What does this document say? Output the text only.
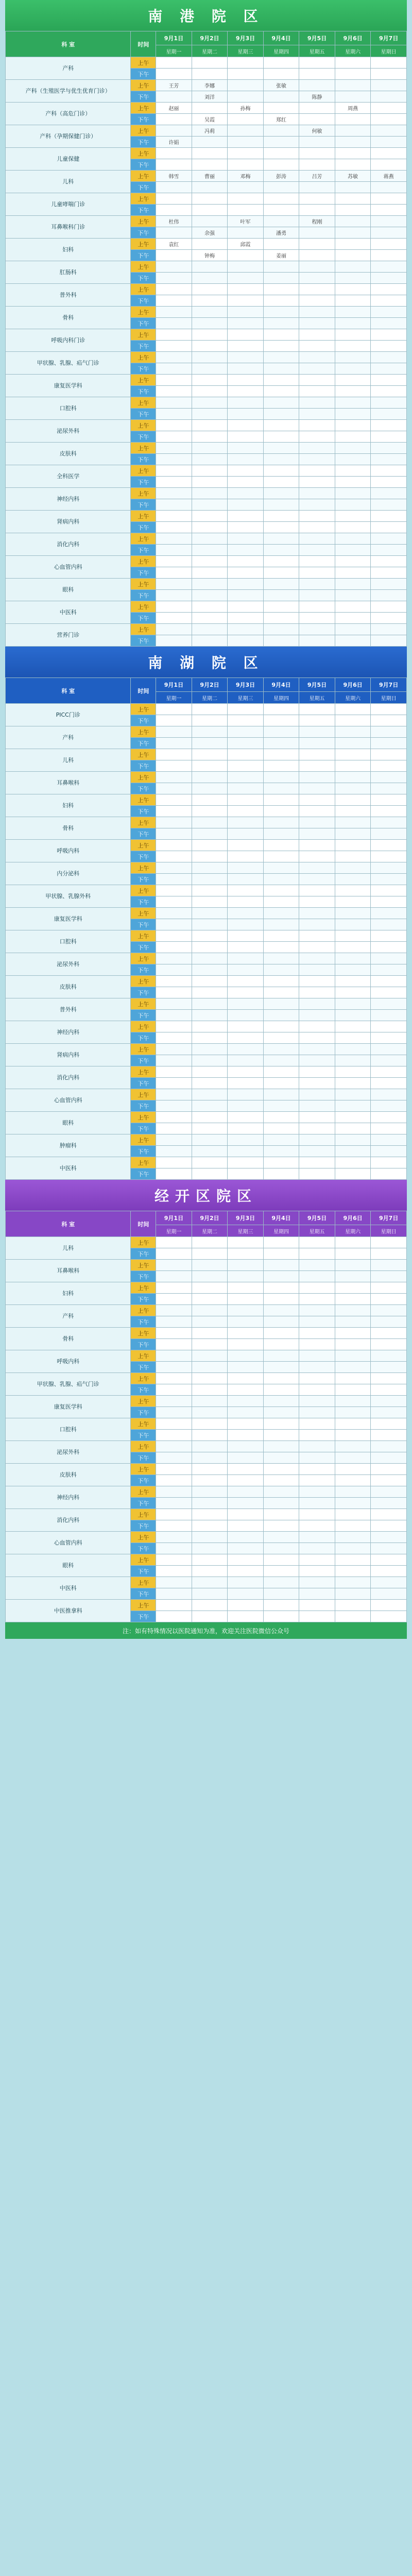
南 港 院 区
科 室	时间	9月1日	9月2日	9月3日	9月4日	9月5日	9月6日	9月7日
		星期一	星期二	星期三	星期四	星期五	星期六	星期日
产科	上午							
	下午							
产科（生殖医学与优生优育门诊）	上午	王芳	李娜		张敏			
	下午		刘洋			陈静		
产科（高危门诊）	上午	赵丽		孙梅			周燕	
	下午		吴霞		郑红			
产科（孕期保健门诊）	上午		冯莉			何敏		
	下午	许娟						
儿童保健	上午							
	下午							
儿科	上午	韩雪	曹丽	邓梅	彭涛	吕芳	苏敏	蒋燕
	下午							
儿童哮喘门诊	上午							
	下午							
耳鼻喉科门诊	上午	杜伟		叶军		程刚		
	下午		余强		潘勇			
妇科	上午	袁红		邱霞				
	下午		钟梅		姜丽			
肛肠科	上午							
	下午							
普外科	上午							
	下午							
骨科	上午							
	下午							
呼吸内科门诊	上午							
	下午							
甲状腺、乳腺、疝气门诊	上午							
	下午							
康复医学科	上午							
	下午							
口腔科	上午							
	下午							
泌尿外科	上午							
	下午							
皮肤科	上午							
	下午							
全科医学	上午							
	下午							
神经内科	上午							
	下午							
肾病内科	上午							
	下午							
消化内科	上午							
	下午							
心血管内科	上午							
	下午							
眼科	上午							
	下午							
中医科	上午							
	下午							
营养门诊	上午							
	下午							
南 湖 院 区
科 室	时间	9月1日	9月2日	9月3日	9月4日	9月5日	9月6日	9月7日
		星期一	星期二	星期三	星期四	星期五	星期六	星期日
PICC门诊	上午							
	下午							
产科	上午							
	下午							
儿科	上午							
	下午							
耳鼻喉科	上午							
	下午							
妇科	上午							
	下午							
骨科	上午							
	下午							
呼吸内科	上午							
	下午							
内分泌科	上午							
	下午							
甲状腺、乳腺外科	上午							
	下午							
康复医学科	上午							
	下午							
口腔科	上午							
	下午							
泌尿外科	上午							
	下午							
皮肤科	上午							
	下午							
普外科	上午							
	下午							
神经内科	上午							
	下午							
肾病内科	上午							
	下午							
消化内科	上午							
	下午							
心血管内科	上午							
	下午							
眼科	上午							
	下午							
肿瘤科	上午							
	下午							
中医科	上午							
	下午							
经开区院区
科 室	时间	9月1日	9月2日	9月3日	9月4日	9月5日	9月6日	9月7日
		星期一	星期二	星期三	星期四	星期五	星期六	星期日
儿科	上午							
	下午							
耳鼻喉科	上午							
	下午							
妇科	上午							
	下午							
产科	上午							
	下午							
骨科	上午							
	下午							
呼吸内科	上午							
	下午							
甲状腺、乳腺、疝气门诊	上午							
	下午							
康复医学科	上午							
	下午							
口腔科	上午							
	下午							
泌尿外科	上午							
	下午							
皮肤科	上午							
	下午							
神经内科	上午							
	下午							
消化内科	上午							
	下午							
心血管内科	上午							
	下午							
眼科	上午							
	下午							
中医科	上午							
	下午							
中医推拿科	上午							
	下午							
注：如有特殊情况以医院通知为准，欢迎关注医院微信公众号
